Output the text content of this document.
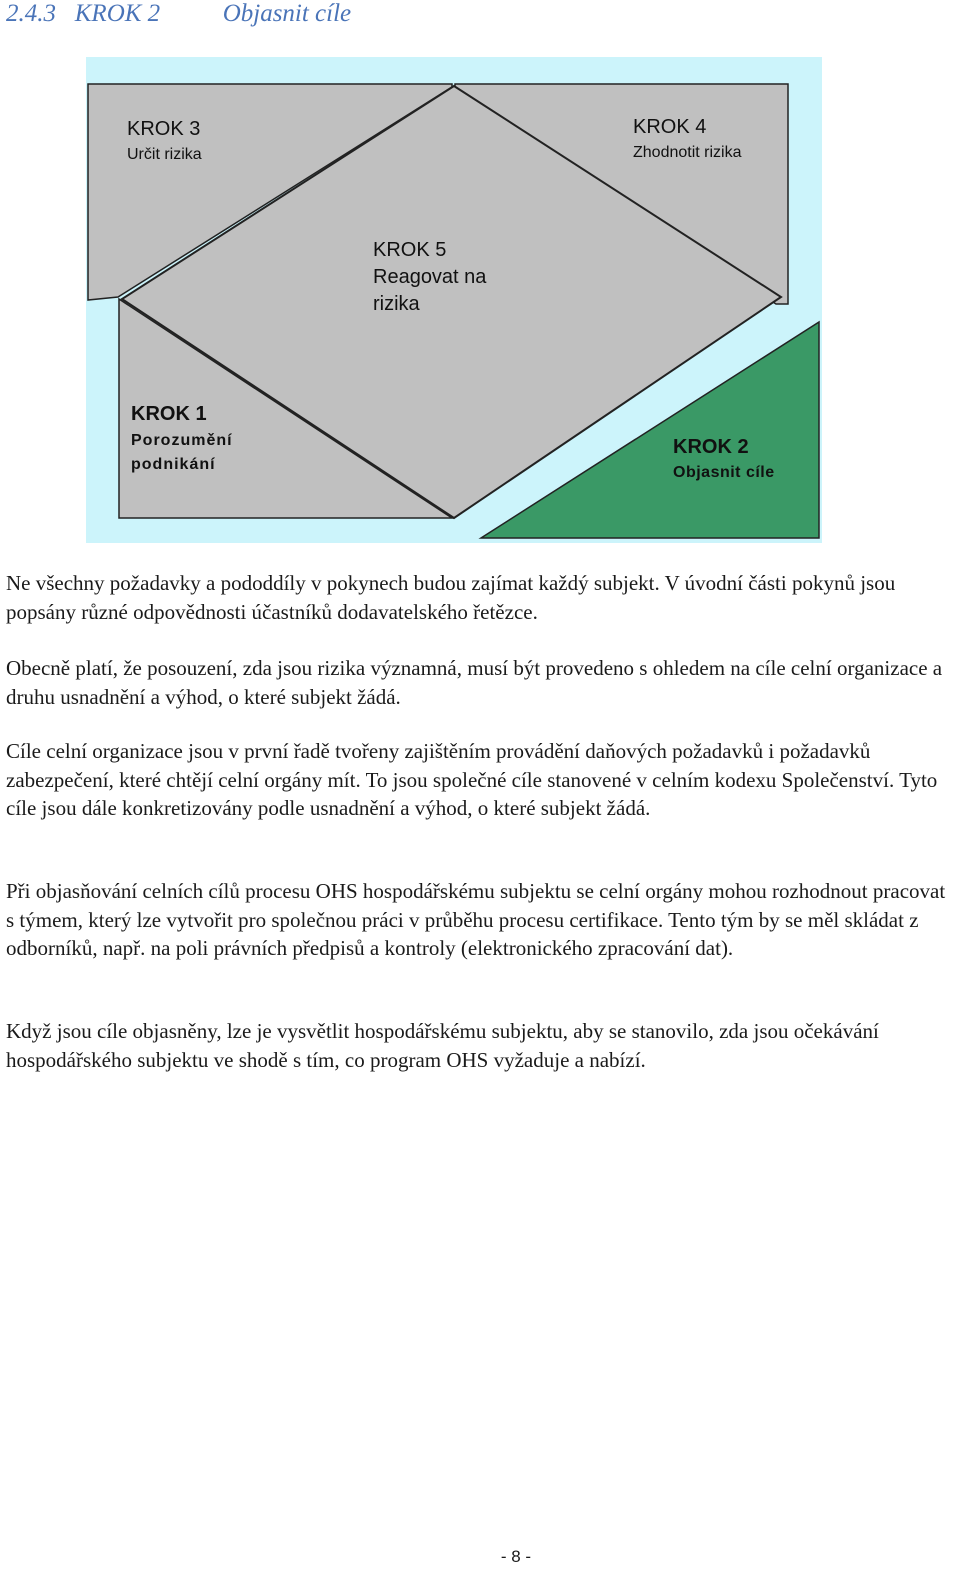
2.4.3 KROK 2	Objasnit cíle
KROK 3
Určit rizika
KROK 4
Zhodnotit rizika
KROK 5
Reagovat na
rizika
KROK 1
Porozumění
podnikání
KROK 2
Objasnit cíle

Ne všechny požadavky a pododdíly v pokynech budou zajímat každý subjekt. V úvodní části pokynů jsou popsány různé odpovědnosti účastníků dodavatelského řetězce.

Obecně platí, že posouzení, zda jsou rizika významná, musí být provedeno s ohledem na cíle celní organizace a druhu usnadnění a výhod, o které subjekt žádá.

Cíle celní organizace jsou v první řadě tvořeny zajištěním provádění daňových požadavků i požadavků zabezpečení, které chtějí celní orgány mít. To jsou společné cíle stanovené v celním kodexu Společenství. Tyto cíle jsou dále konkretizovány podle usnadnění a výhod, o které subjekt žádá.

Při objasňování celních cílů procesu OHS hospodářskému subjektu se celní orgány mohou rozhodnout pracovat s týmem, který lze vytvořit pro společnou práci v průběhu procesu certifikace. Tento tým by se měl skládat z odborníků, např. na poli právních předpisů a kontroly (elektronického zpracování dat).

Když jsou cíle objasněny, lze je vysvětlit hospodářskému subjektu, aby se stanovilo, zda jsou očekávání hospodářského subjektu ve shodě s tím, co program OHS vyžaduje a nabízí.

- 8 -
